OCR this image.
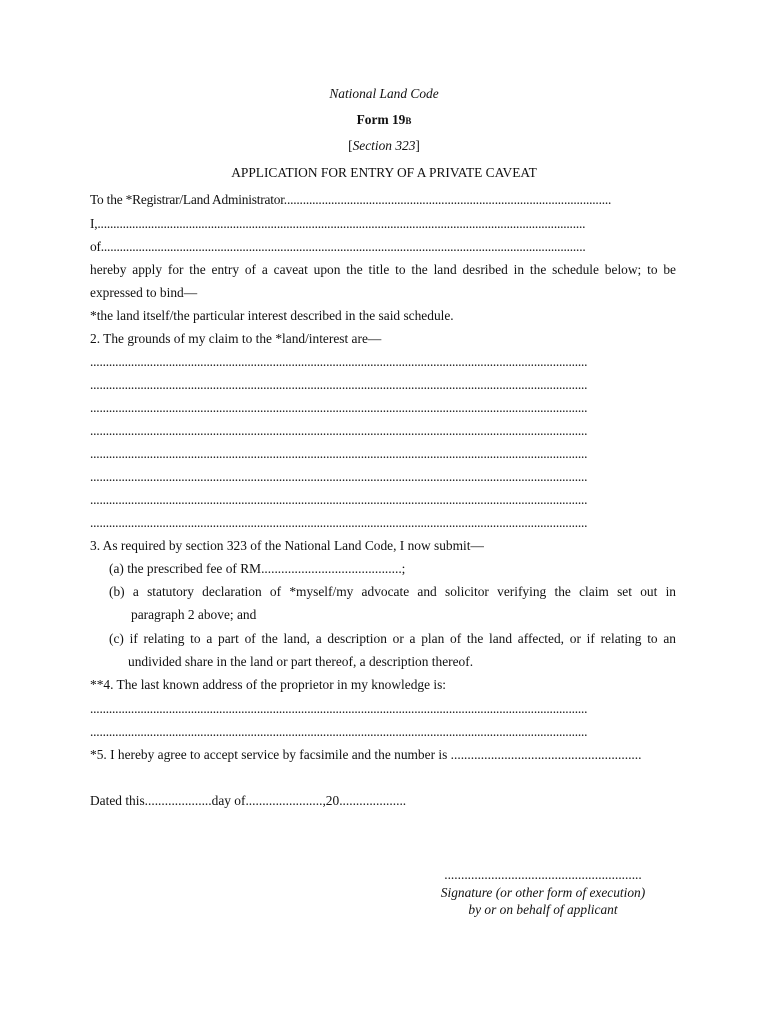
National Land Code
Form 19B
[Section 323]
APPLICATION FOR ENTRY OF A PRIVATE CAVEAT
To the *Registrar/Land Administrator........................................................................................................
I,...........................................................................................................................................................
of..........................................................................................................................................................
hereby apply for the entry of a caveat upon the title to the land desribed in the schedule below; to be
expressed to bind—
*the land itself/the particular interest described in the said schedule.
2. The grounds of my claim to the *land/interest are—
..............................................................................................................................................................
..............................................................................................................................................................
..............................................................................................................................................................
..............................................................................................................................................................
..............................................................................................................................................................
..............................................................................................................................................................
..............................................................................................................................................................
..............................................................................................................................................................
3. As required by section 323 of the National Land Code, I now submit—
(a) the prescribed fee of RM..........................................;
(b) a statutory declaration of *myself/my advocate and solicitor verifying the claim set out in
paragraph 2 above; and
(c) if relating to a part of the land, a description or a plan of the land affected, or if relating to an
undivided share in the land or part thereof, a description thereof.
**4. The last known address of the proprietor in my knowledge is:
..............................................................................................................................................................
..............................................................................................................................................................
*5. I hereby agree to accept service by facsimile and the number is .........................................................
Dated this....................day of.......................,20....................
...........................................................
Signature (or other form of execution)
by or on behalf of applicant
